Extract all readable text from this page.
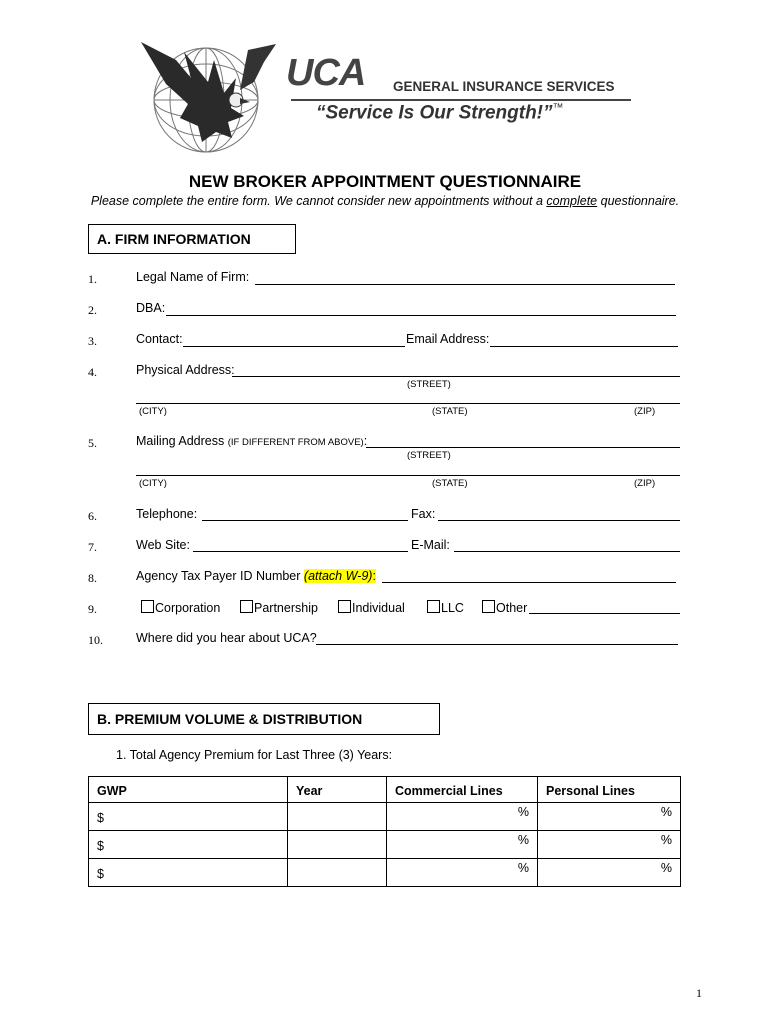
UCA GENERAL INSURANCE SERVICES
“Service Is Our Strength!”™
NEW BROKER APPOINTMENT QUESTIONNAIRE
Please complete the entire form. We cannot consider new appointments without a complete questionnaire.
A. FIRM INFORMATION
1.	Legal Name of Firm:
2.	DBA:
3.	Contact:	Email Address:
4.	Physical Address:
(STREET)
(CITY)	(STATE)	(ZIP)
5.	Mailing Address (IF DIFFERENT FROM ABOVE):
(STREET)
(CITY)	(STATE)	(ZIP)
6.	Telephone:	Fax:
7.	Web Site:	E-Mail:
8.	Agency Tax Payer ID Number (attach W-9):
9.	Corporation	Partnership	Individual	LLC	Other
10.	Where did you hear about UCA?
B. PREMIUM VOLUME & DISTRIBUTION
1. Total Agency Premium for Last Three (3) Years:
GWP	Year	Commercial Lines	Personal Lines
$		%	%
$		%	%
$		%	%
1
